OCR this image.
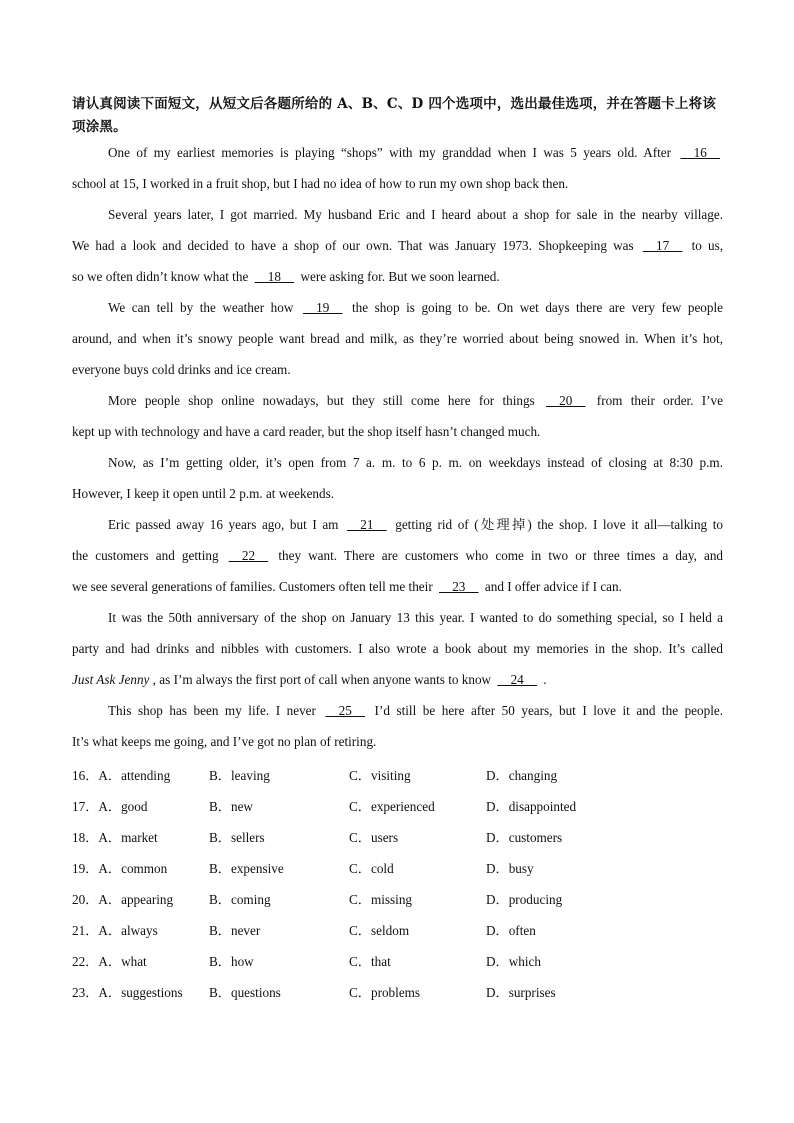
请认真阅读下面短文，从短文后各题所给的 A、B、C、D 四个选项中，选出最佳选项，并在答题卡上将该项涂黑。
One of my earliest memories is playing “shops” with my granddad when I was 5 years old. After     16
school at 15, I worked in a fruit shop, but I had no idea of how to run my own shop back then.
Several years later, I got married. My husband Eric and I heard about a shop for sale in the nearby village.
We had a look and decided to have a shop of our own. That was January 1973. Shopkeeping was     17     to us,
so we often didn’t know what the     18     were asking for. But we soon learned.
We can tell by the weather how     19     the shop is going to be. On wet days there are very few people
around, and when it’s snowy people want bread and milk, as they’re worried about being snowed in. When it’s hot,
everyone buys cold drinks and ice cream.
More people shop online nowadays, but they still come here for things     20     from their order. I’ve
kept up with technology and have a card reader, but the shop itself hasn’t changed much.
Now, as I’m getting older, it’s open from 7 a. m. to 6 p. m. on weekdays instead of closing at 8:30 p.m.
However, I keep it open until 2 p.m. at weekends.
Eric passed away 16 years ago, but I am     21     getting rid of (处理掉) the shop. I love it all—talking to
the customers and getting     22     they want. There are customers who come in two or three times a day, and
we see several generations of families. Customers often tell me their     23     and I offer advice if I can.
It was the 50th anniversary of the shop on January 13 this year. I wanted to do something special, so I held a
party and had drinks and nibbles with customers. I also wrote a book about my memories in the shop. It’s called
Just Ask Jenny , as I’m always the first port of call when anyone wants to know     24     .
This shop has been my life. I never     25     I’d still be here after 50 years, but I love it and the people.
It’s what keeps me going, and I’ve got no plan of retiring.
16．A．attending	B．leaving	C．visiting	D．changing
17．A．good	B．new	C．experienced	D．disappointed
18．A．market	B．sellers	C．users	D．customers
19．A．common	B．expensive	C．cold	D．busy
20．A．appearing	B．coming	C．missing	D．producing
21．A．always	B．never	C．seldom	D．often
22．A．what	B．how	C．that	D．which
23．A．suggestions B．questions	C．problems	D．surprises
